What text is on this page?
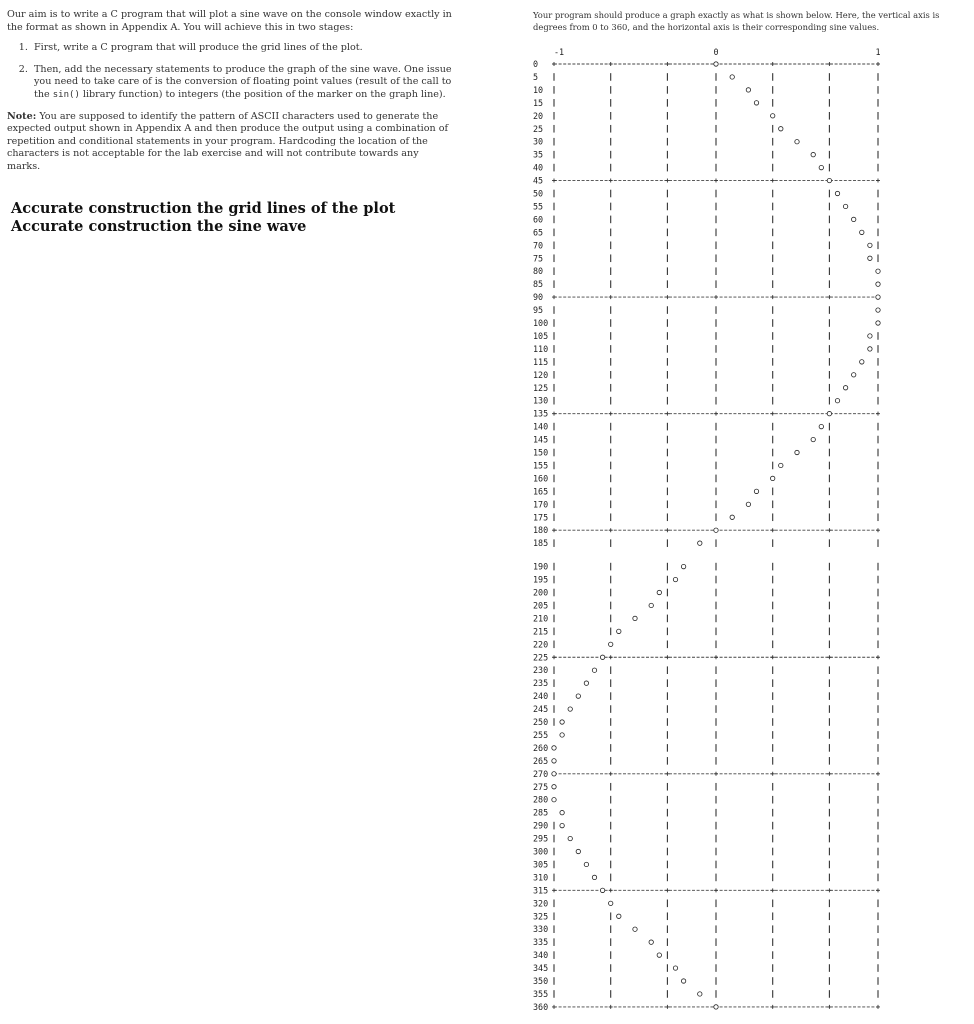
Our aim is to write a C program that will plot a sine wave on the console window exactly in the format as shown in Appendix A. You will achieve this in two stages:

1. First, write a C program that will produce the grid lines of the plot.
2. Then, add the necessary statements to produce the graph of the sine wave. One issue you need to take care of is the conversion of floating point values (result of the call to the sin() library function) to integers (the position of the marker on the graph line).

Note: You are supposed to identify the pattern of ASCII characters used to generate the expected output shown in Appendix A and then produce the output using a combination of repetition and conditional statements in your program. Hardcoding the location of the characters is not acceptable for the lab exercise and will not contribute towards any marks.

Accurate construction the grid lines of the plot
Accurate construction the sine wave
Your program should produce a graph exactly as what is shown below. Here, the vertical axis is degrees from 0 to 360, and the horizontal axis is their corresponding sine values.
-1	0	1
0
5
10
15
20
25
30
35
40
45
50
55
60
65
70
75
80
85
90
95
100
105
110
115
120
125
130
135
140
145
150
155
160
165
170
175
180
185
190
195
200
205
210
215
220
225
230
235
240
245
250
255
260
265
270
275
280
285
290
295
300
305
310
315
320
325
330
335
340
345
350
355
360
